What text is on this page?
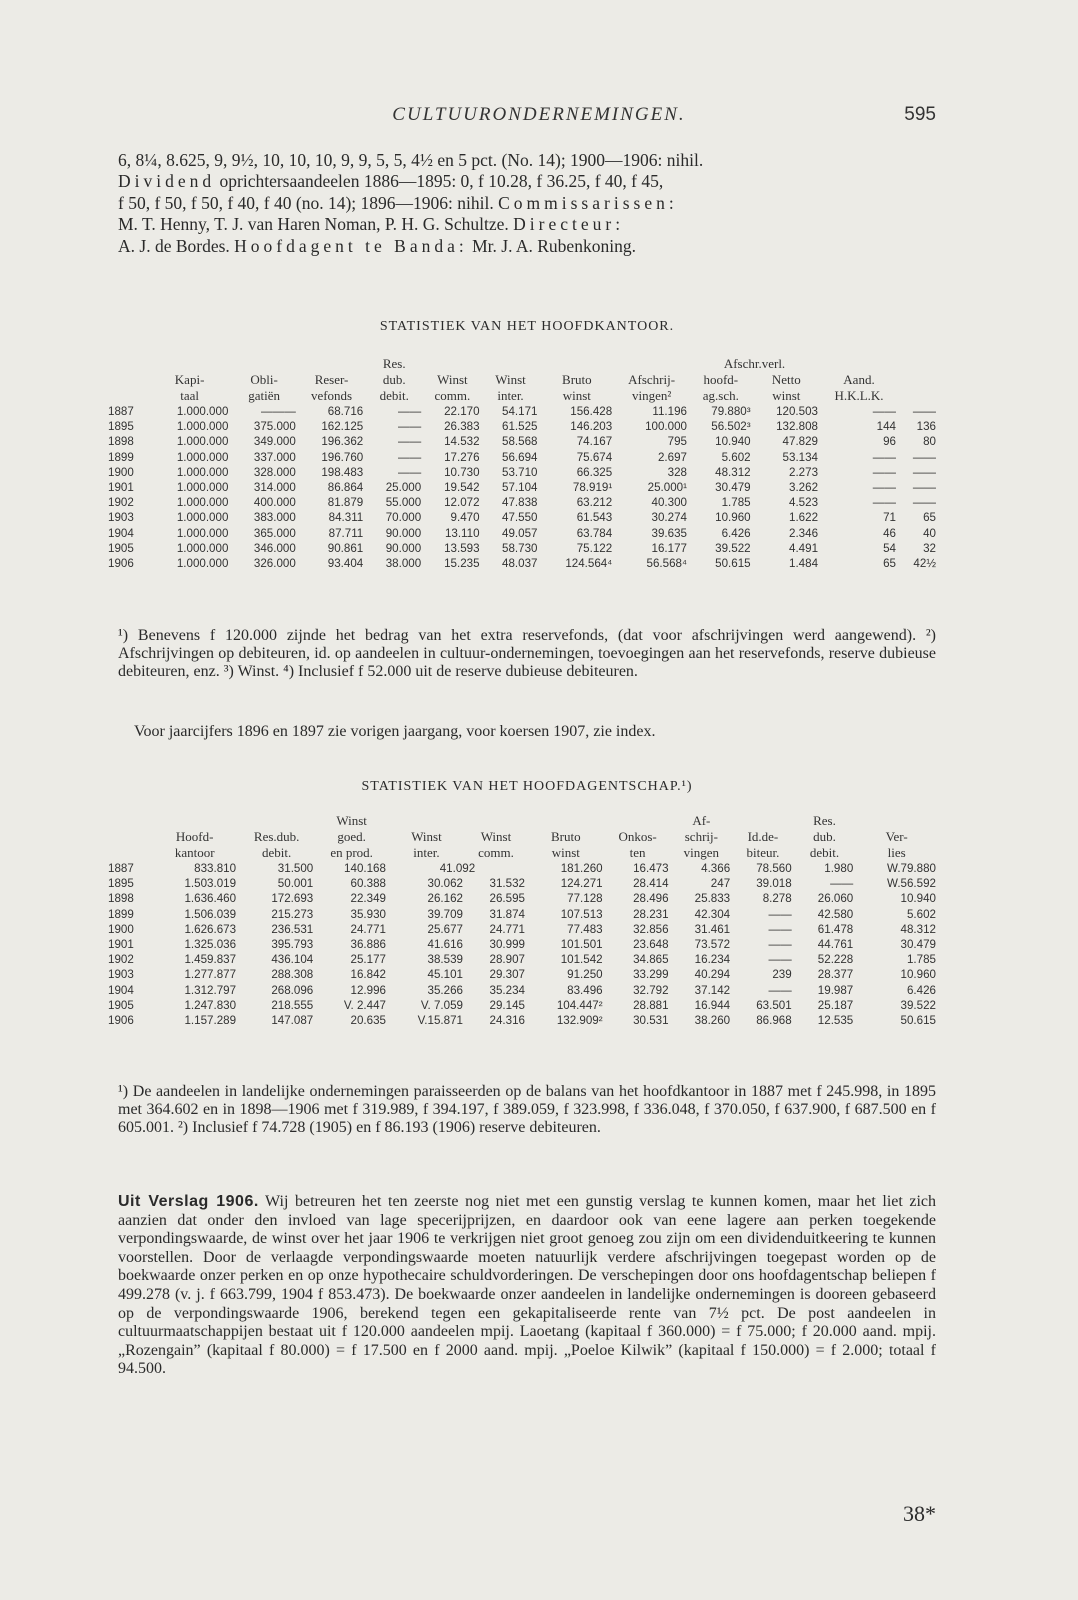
CULTUURONDERNEMINGEN.	595
6, 8¼, 8.625, 9, 9½, 10, 10, 10, 9, 9, 5, 5, 4½ en 5 pct. (No. 14); 1900—1906: nihil.
Dividend oprichtersaandeelen 1886—1895: 0, f 10.28, f 36.25, f 40, f 45,
f 50, f 50, f 50, f 40, f 40 (no. 14); 1896—1906: nihil. Commissarissen:
M. T. Henny, T. J. van Haren Noman, P. H. G. Schultze. Directeur:
A. J. de Bordes. Hoofdagent te Banda: Mr. J. A. Rubenkoning.
STATISTIEK VAN HET HOOFDKANTOOR.
				Res.					Afschr.verl.			
	Kapi-	Obli-	Reser-	dub.	Winst	Winst	Bruto	Afschrij-	hoofd-	Netto	Aand.	
	taal	gatiën	vefonds	debit.	comm.	inter.	winst	vingen²	ag.sch.	winst	H.K.L.K.	
1887	1.000.000	———	68.716	——	22.170	54.171	156.428	11.196	79.880³	120.503	——	——
1895	1.000.000	375.000	162.125	——	26.383	61.525	146.203	100.000	56.502³	132.808	144	136
1898	1.000.000	349.000	196.362	——	14.532	58.568	74.167	795	10.940	47.829	96	80
1899	1.000.000	337.000	196.760	——	17.276	56.694	75.674	2.697	5.602	53.134	——	——
1900	1.000.000	328.000	198.483	——	10.730	53.710	66.325	328	48.312	2.273	——	——
1901	1.000.000	314.000	86.864	25.000	19.542	57.104	78.919¹	25.000¹	30.479	3.262	——	——
1902	1.000.000	400.000	81.879	55.000	12.072	47.838	63.212	40.300	1.785	4.523	——	——
1903	1.000.000	383.000	84.311	70.000	9.470	47.550	61.543	30.274	10.960	1.622	71	65
1904	1.000.000	365.000	87.711	90.000	13.110	49.057	63.784	39.635	6.426	2.346	46	40
1905	1.000.000	346.000	90.861	90.000	13.593	58.730	75.122	16.177	39.522	4.491	54	32
1906	1.000.000	326.000	93.404	38.000	15.235	48.037	124.564⁴	56.568⁴	50.615	1.484	65	42½
¹) Benevens f 120.000 zijnde het bedrag van het extra reservefonds, (dat voor afschrijvingen werd aangewend). ²) Afschrijvingen op debiteuren, id. op aandeelen in cultuur-ondernemingen, toevoegingen aan het reservefonds, reserve dubieuse debiteuren, enz. ³) Winst. ⁴) Inclusief f 52.000 uit de reserve dubieuse debiteuren.
Voor jaarcijfers 1896 en 1897 zie vorigen jaargang, voor koersen 1907, zie index.
STATISTIEK VAN HET HOOFDAGENTSCHAP.¹)
			Winst					Af-		Res.	
	Hoofd-	Res.dub.	goed.	Winst	Winst	Bruto	Onkos-	schrij-	Id.de-	dub.	Ver-
	kantoor	debit.	en prod.	inter.	comm.	winst	ten	vingen	biteur.	debit.	lies
1887	833.810	31.500	140.168	41.092		181.260	16.473	4.366	78.560	1.980	W.79.880
1895	1.503.019	50.001	60.388	30.062	31.532	124.271	28.414	247	39.018	——	W.56.592
1898	1.636.460	172.693	22.349	26.162	26.595	77.128	28.496	25.833	8.278	26.060	10.940
1899	1.506.039	215.273	35.930	39.709	31.874	107.513	28.231	42.304	——	42.580	5.602
1900	1.626.673	236.531	24.771	25.677	24.771	77.483	32.856	31.461	——	61.478	48.312
1901	1.325.036	395.793	36.886	41.616	30.999	101.501	23.648	73.572	——	44.761	30.479
1902	1.459.837	436.104	25.177	38.539	28.907	101.542	34.865	16.234	——	52.228	1.785
1903	1.277.877	288.308	16.842	45.101	29.307	91.250	33.299	40.294	239	28.377	10.960
1904	1.312.797	268.096	12.996	35.266	35.234	83.496	32.792	37.142	——	19.987	6.426
1905	1.247.830	218.555	V. 2.447	V. 7.059	29.145	104.447²	28.881	16.944	63.501	25.187	39.522
1906	1.157.289	147.087	20.635	V.15.871	24.316	132.909²	30.531	38.260	86.968	12.535	50.615
¹) De aandeelen in landelijke ondernemingen paraisseerden op de balans van het hoofdkantoor in 1887 met f 245.998, in 1895 met 364.602 en in 1898—1906 met f 319.989, f 394.197, f 389.059, f 323.998, f 336.048, f 370.050, f 637.900, f 687.500 en f 605.001. ²) Inclusief f 74.728 (1905) en f 86.193 (1906) reserve debiteuren.
Uit Verslag 1906. Wij betreuren het ten zeerste nog niet met een gunstig verslag te kunnen komen, maar het liet zich aanzien dat onder den invloed van lage specerijprijzen, en daardoor ook van eene lagere aan perken toegekende verpondingswaarde, de winst over het jaar 1906 te verkrijgen niet groot genoeg zou zijn om een dividenduitkeering te kunnen voorstellen. Door de verlaagde verpondingswaarde moeten natuurlijk verdere afschrijvingen toegepast worden op de boekwaarde onzer perken en op onze hypothecaire schuldvorderingen. De verschepingen door ons hoofdagentschap beliepen f 499.278 (v. j. f 663.799, 1904 f 853.473). De boekwaarde onzer aandeelen in landelijke ondernemingen is dooreen gebaseerd op de verpondingswaarde 1906, berekend tegen een gekapitaliseerde rente van 7½ pct. De post aandeelen in cultuurmaatschappijen bestaat uit f 120.000 aandeelen mpij. Laoetang (kapitaal f 360.000) = f 75.000; f 20.000 aand. mpij. „Rozengain” (kapitaal f 80.000) = f 17.500 en f 2000 aand. mpij. „Poeloe Kilwik” (kapitaal f 150.000) = f 2.000; totaal f 94.500.
38*
